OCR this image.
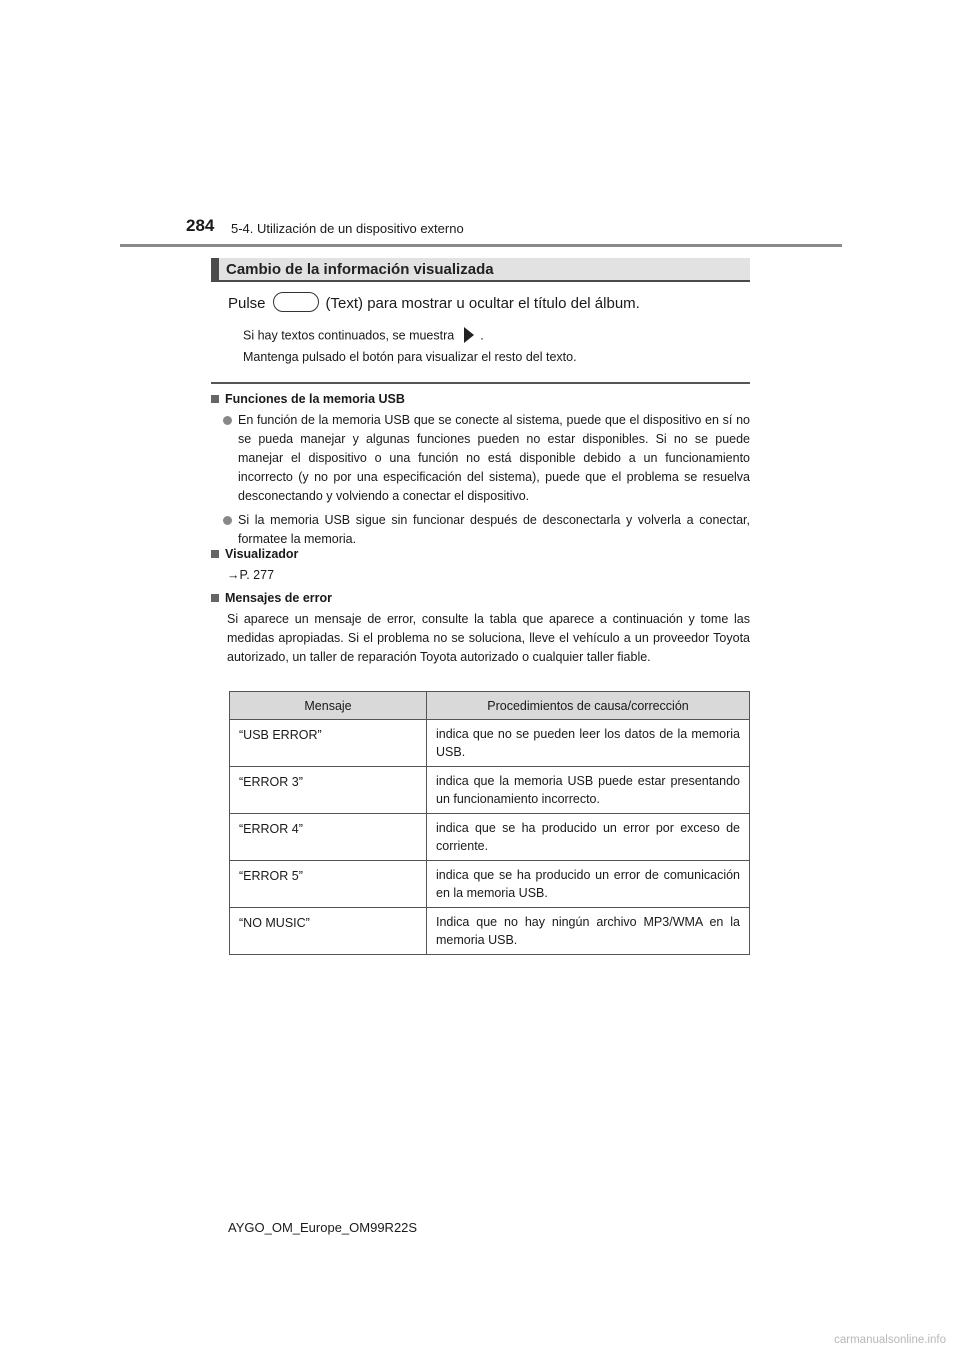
284 5-4. Utilización de un dispositivo externo
Cambio de la información visualizada
Pulse	(Text) para mostrar u ocultar el título del álbum.
Si hay textos continuados, se muestra .
Mantenga pulsado el botón para visualizar el resto del texto.
Funciones de la memoria USB
En función de la memoria USB que se conecte al sistema, puede que el dispositivo en sí no se pueda manejar y algunas funciones pueden no estar disponibles. Si no se puede manejar el dispositivo o una función no está disponible debido a un funcionamiento incorrecto (y no por una especificación del sistema), puede que el problema se resuelva desconectando y volviendo a conectar el dispositivo.
Si la memoria USB sigue sin funcionar después de desconectarla y volverla a conectar, formatee la memoria.
Visualizador
→P. 277
Mensajes de error
Si aparece un mensaje de error, consulte la tabla que aparece a continuación y tome las medidas apropiadas. Si el problema no se soluciona, lleve el vehículo a un proveedor Toyota autorizado, un taller de reparación Toyota autorizado o cualquier taller fiable.
Mensaje	Procedimientos de causa/corrección
“USB ERROR”	indica que no se pueden leer los datos de la memoria USB.
“ERROR 3”	indica que la memoria USB puede estar presentando un funcionamiento incorrecto.
“ERROR 4”	indica que se ha producido un error por exceso de corriente.
“ERROR 5”	indica que se ha producido un error de comunicación en la memoria USB.
“NO MUSIC”	Indica que no hay ningún archivo MP3/WMA en la memoria USB.
AYGO_OM_Europe_OM99R22S
carmanualsonline.info
